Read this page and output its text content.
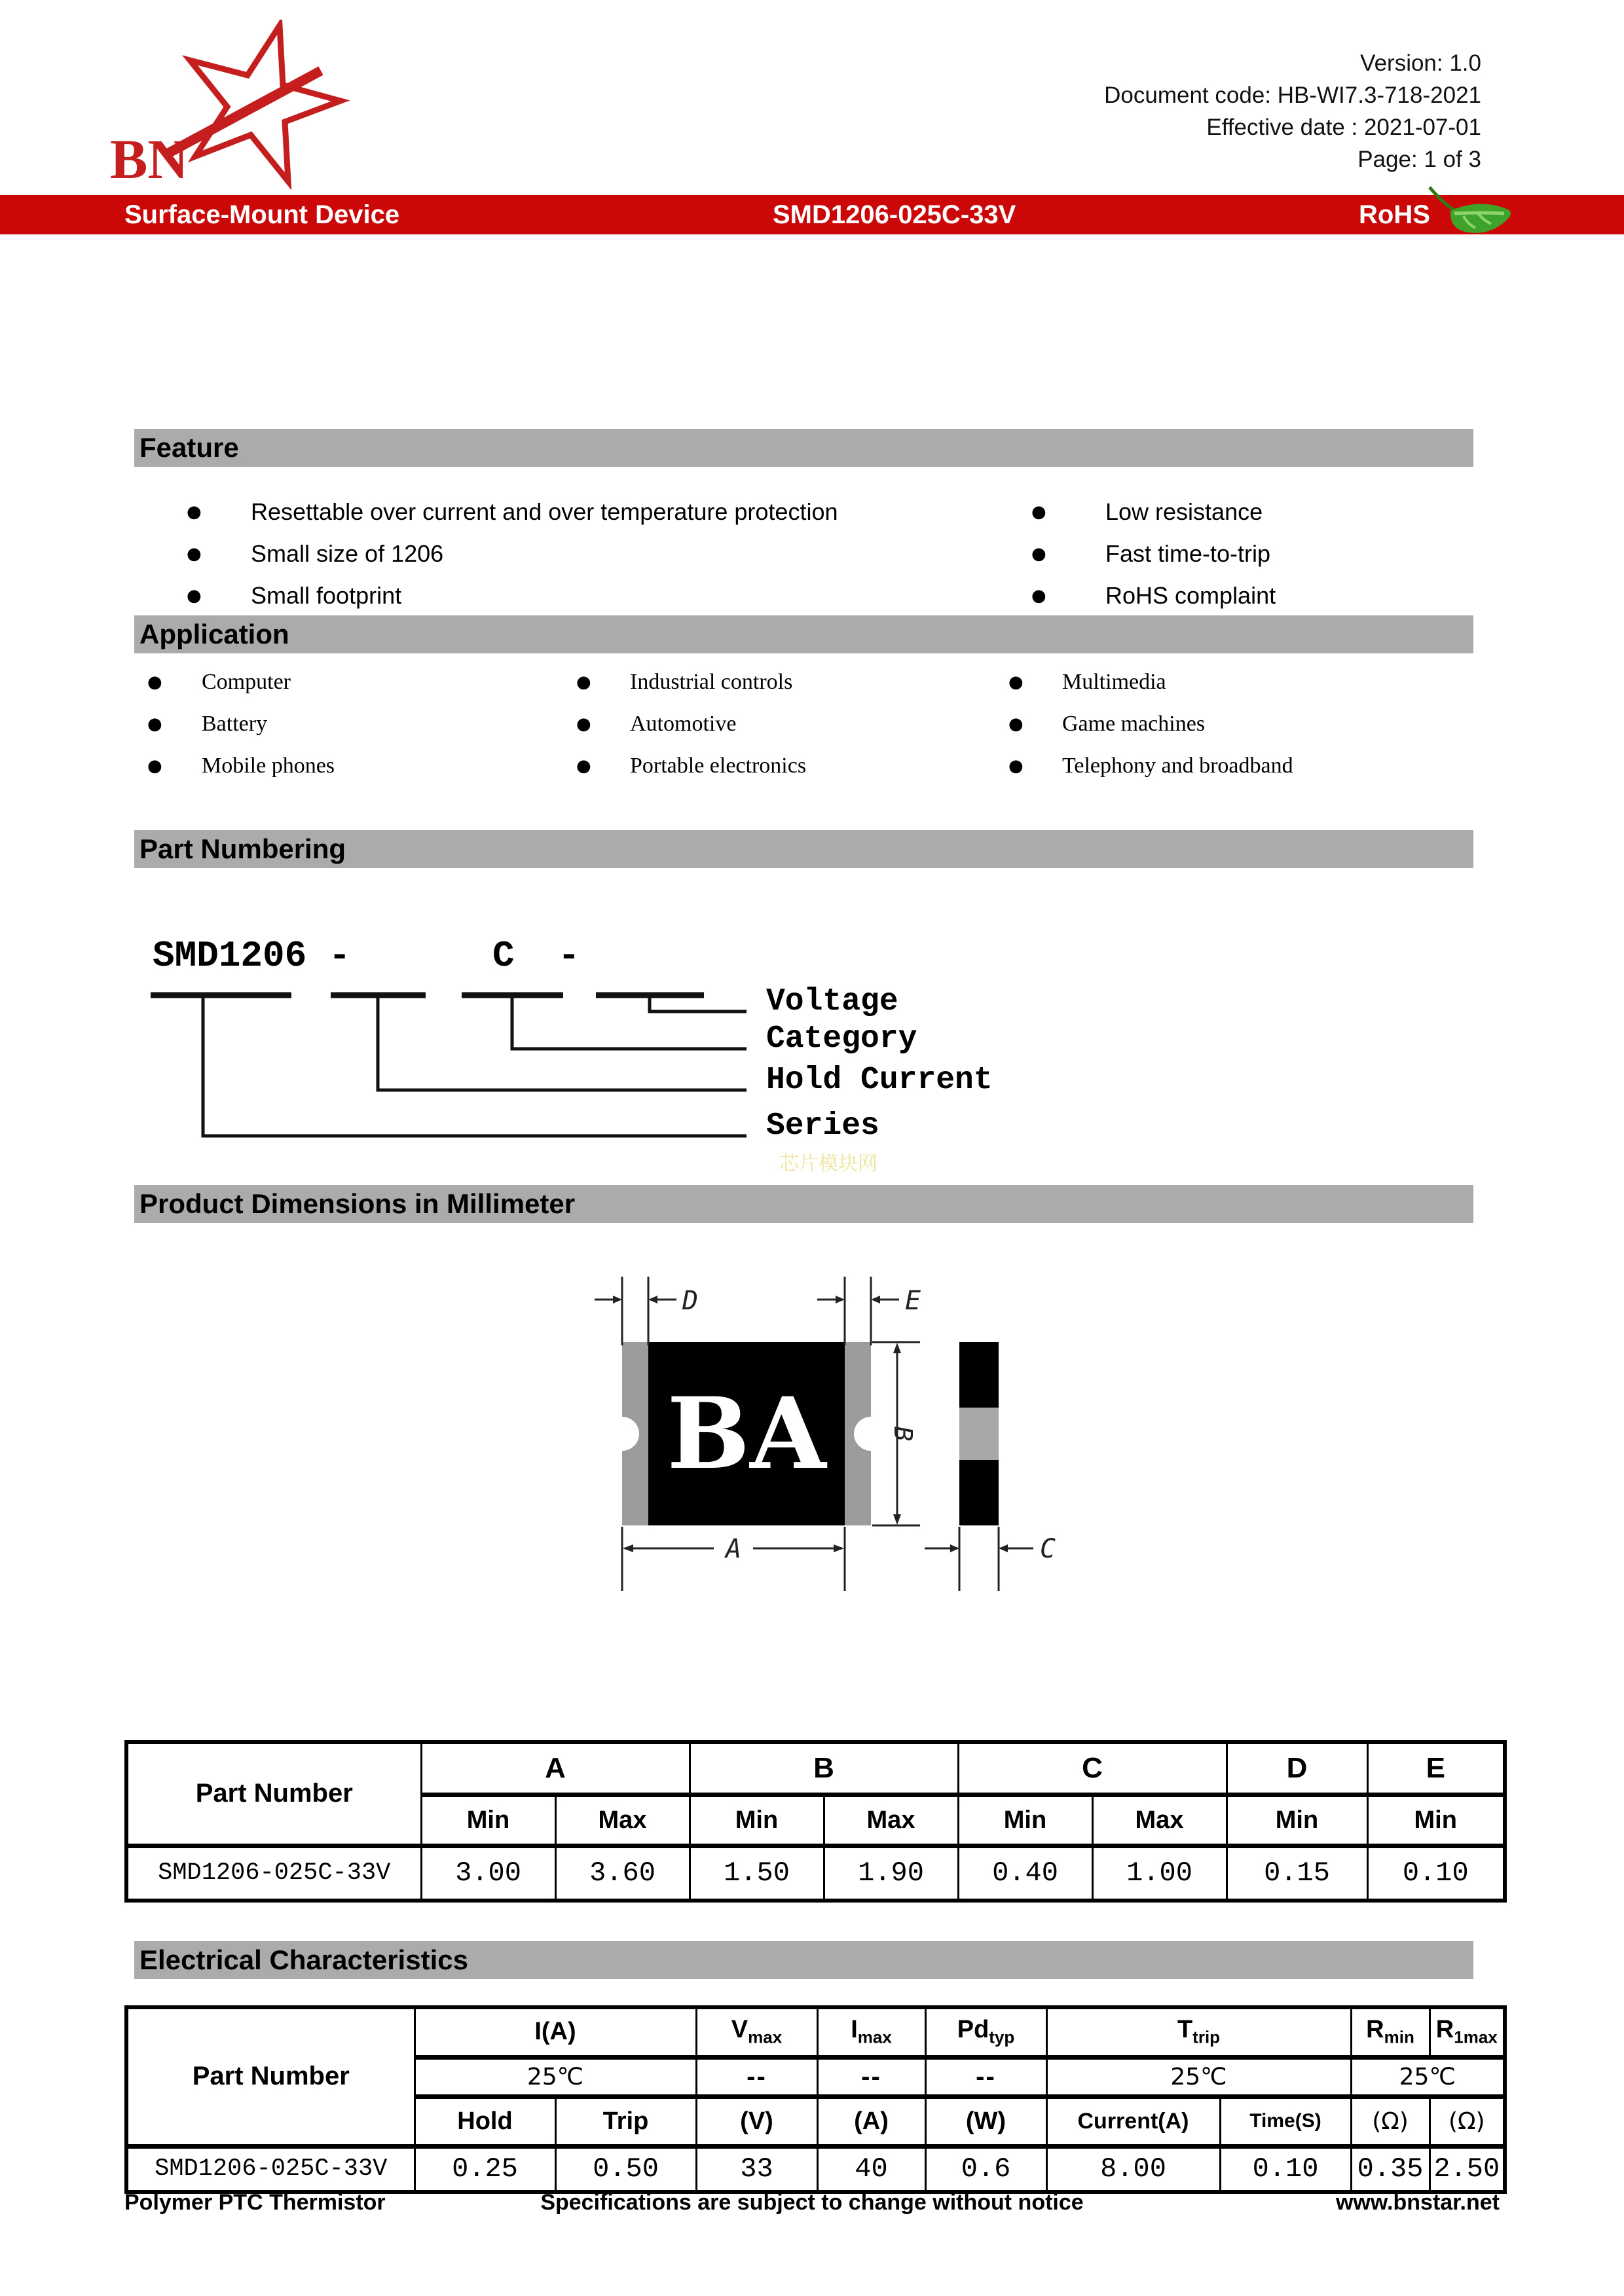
BN
Version: 1.0
Document code: HB-WI7.3-718-2021
Effective date : 2021-07-01
Page: 1 of 3
Surface-Mount Device	SMD1206-025C-33V	RoHS
Feature
● Resettable over current and over temperature protection
● Small size of 1206
● Small footprint
●	Low resistance
●	Fast time-to-trip
●	RoHS complaint
Application
● Computer
● Battery
● Mobile phones
● Industrial controls
● Automotive
● Portable electronics
● Multimedia
● Game machines
● Telephony and broadband
Part Numbering
SMD1206 -	C -
Voltage
Category
Hold Current
Series
芯片模块网
Product Dimensions in Millimeter
BA
D	E
B
A	C
Part Number	A		B		C		D	E
	Min	Max	Min	Max	Min	Max	Min	Min
SMD1206-025C-33V	3.00	3.60	1.50	1.90	0.40	1.00	0.15	0.10
Electrical Characteristics
Part Number	I(A)		$V_{max}$	$I_{max}$	$Pd_{typ}$	$T_{trip}$		$R_{min}$	$R_{1max}$
	25℃		--	--	--	25℃		25℃	
	Hold	Trip	(V)	(A)	(W)	Current(A)	Time(S)	(Ω)	(Ω)
SMD1206-025C-33V	0.25	0.50	33	40	0.6	8.00	0.10	0.35	2.50
Polymer PTC Thermistor	Specifications are subject to change without notice	www.bnstar.net
